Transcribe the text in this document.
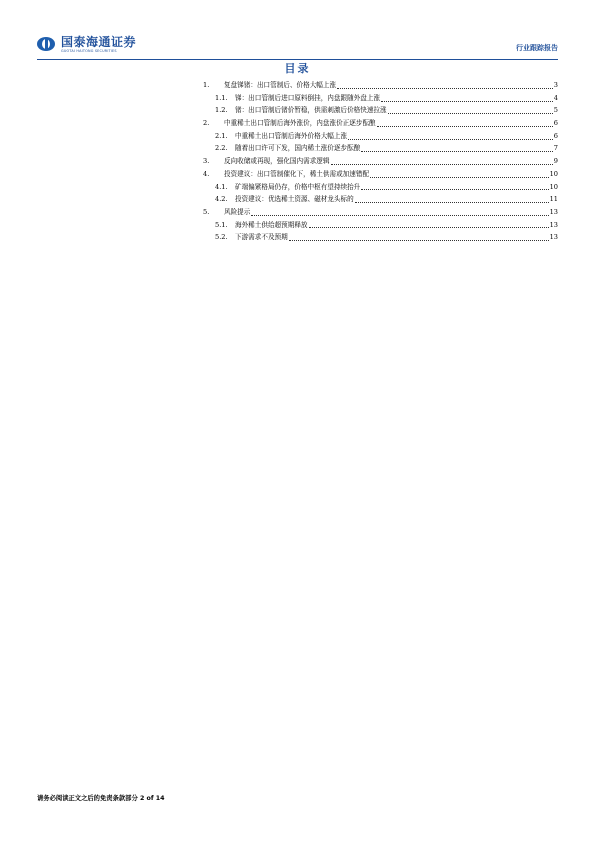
国泰海通证券
GUOTAI HAITONG SECURITIES	行业跟踪报告
目录
1.	复盘锑锗：出口管制后、价格大幅上涨	3
1.1.	锑：出口管制后进口原料倒挂，内盘跟随外盘上涨	4
1.2.	锗：出口管制后锗价暂稳，供需刺激后价格快速拉涨	5
2.	中重稀土出口管制后海外涨价，内盘涨价正逐步酝酿	6
2.1.	中重稀土出口管制后海外价格大幅上涨	6
2.2.	随着出口许可下发，国内稀土涨价逐步酝酿	7
3.	反向收储或再现，强化国内需求逻辑	9
4.	投资建议：出口管制催化下，稀土供需或加速错配	10
4.1.	矿端偏紧格局仍存，价格中枢有望持续抬升	10
4.2.	投资建议：优选稀土资源、磁材龙头标的	11
5.	风险提示	13
5.1.	海外稀土供给超预期释放	13
5.2.	下游需求不及预期	13
请务必阅读正文之后的免责条款部分 2 of 14
